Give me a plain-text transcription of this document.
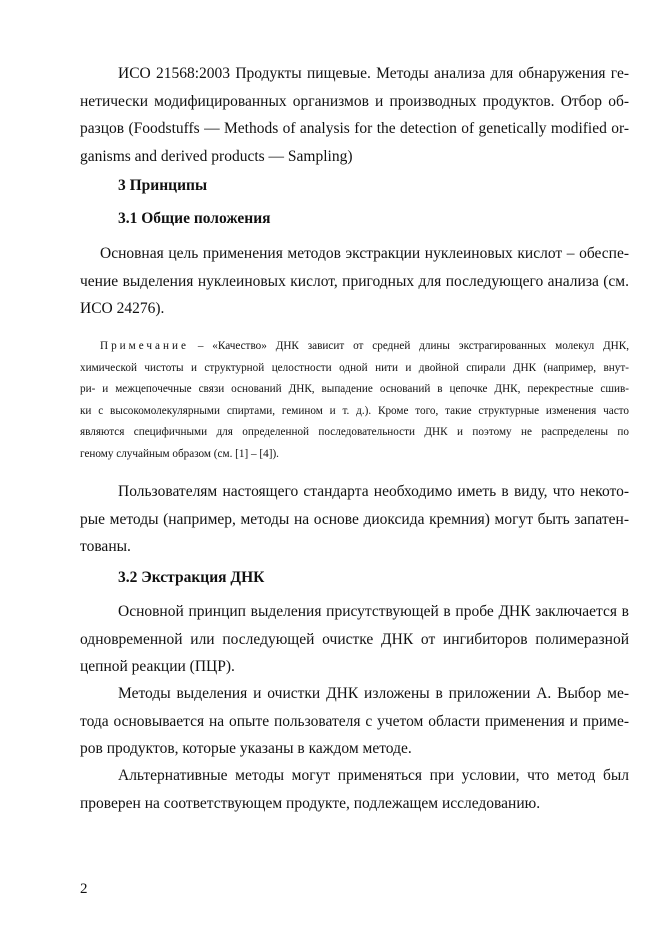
ИСО 21568:2003 Продукты пищевые. Методы анализа для обнаружения ге-
нетически модифицированных организмов и производных продуктов. Отбор об-
разцов (Foodstuffs — Methods of analysis for the detection of genetically modified or-
ganisms and derived products — Sampling)

3 Принципы

3.1 Общие положения

Основная цель применения методов экстракции нуклеиновых кислот – обеспе-
чение выделения нуклеиновых кислот, пригодных для последующего анализа (см.
ИСО 24276).
Примечание – «Качество» ДНК зависит от средней длины экстрагированных молекул ДНК,
химической чистоты и структурной целостности одной нити и двойной спирали ДНК (например, внут-
ри- и межцепочечные связи оснований ДНК, выпадение оснований в цепочке ДНК, перекрестные сшив-
ки с высокомолекулярными спиртами, гемином и т. д.). Кроме того, такие структурные изменения часто
являются специфичными для определенной последовательности ДНК и поэтому не распределены по
геному случайным образом (см. [1] – [4]).
Пользователям настоящего стандарта необходимо иметь в виду, что некото-
рые методы (например, методы на основе диоксида кремния) могут быть запатен-
тованы.

3.2 Экстракция ДНК

Основной принцип выделения присутствующей в пробе ДНК заключается в
одновременной или последующей очистке ДНК от ингибиторов полимеразной
цепной реакции (ПЦР).
Методы выделения и очистки ДНК изложены в приложении А. Выбор ме-
тода основывается на опыте пользователя с учетом области применения и приме-
ров продуктов, которые указаны в каждом методе.
Альтернативные методы могут применяться при условии, что метод был
проверен на соответствующем продукте, подлежащем исследованию.

2
